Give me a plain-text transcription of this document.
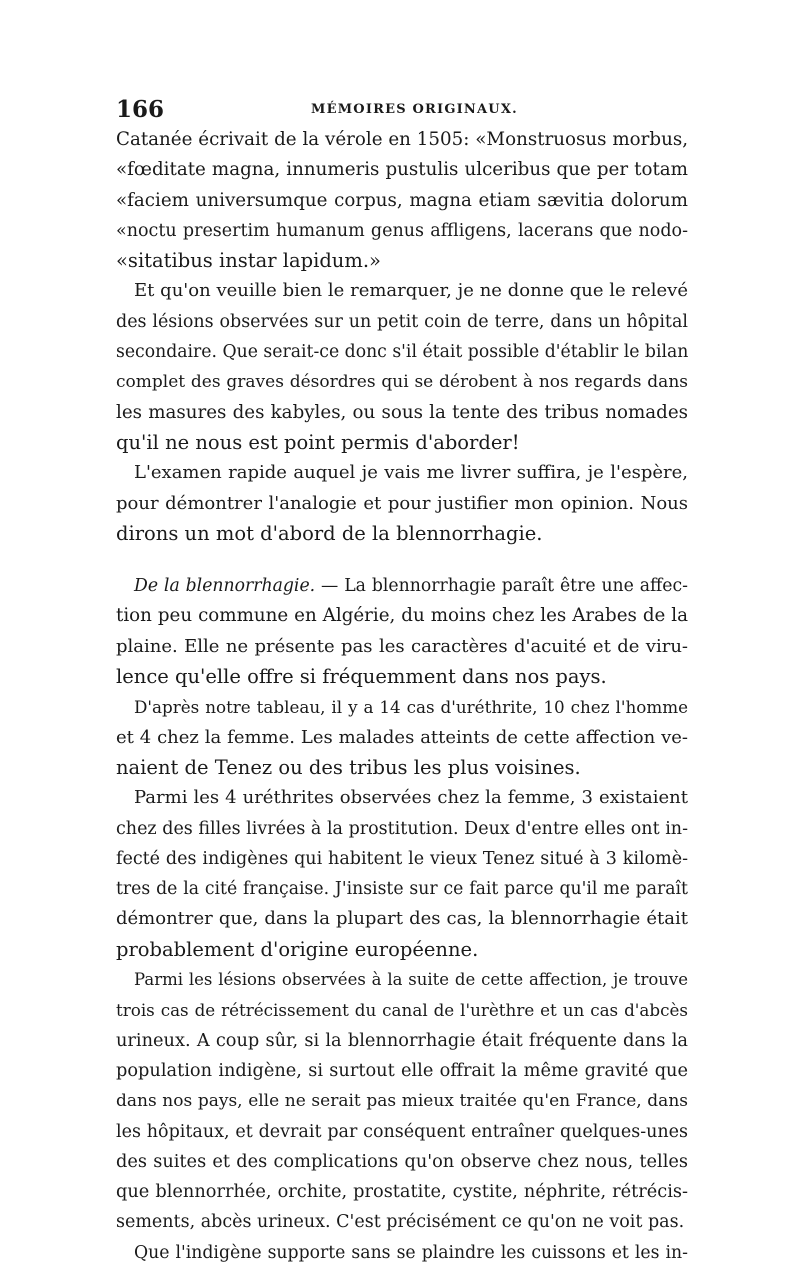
166	MÉMOIRES ORIGINAUX.
Catanée écrivait de la vérole en 1505: «Monstruosus morbus,
«fœditate magna, innumeris pustulis ulceribus que per totam
«faciem universumque corpus, magna etiam sævitia dolorum
«noctu presertim humanum genus affligens, lacerans que nodo-
«sitatibus instar lapidum.»
Et qu'on veuille bien le remarquer, je ne donne que le relevé
des lésions observées sur un petit coin de terre, dans un hôpital
secondaire. Que serait-ce donc s'il était possible d'établir le bilan
complet des graves désordres qui se dérobent à nos regards dans
les masures des kabyles, ou sous la tente des tribus nomades
qu'il ne nous est point permis d'aborder!
L'examen rapide auquel je vais me livrer suffira, je l'espère,
pour démontrer l'analogie et pour justifier mon opinion. Nous
dirons un mot d'abord de la blennorrhagie.
De la blennorrhagie. — La blennorrhagie paraît être une affec-
tion peu commune en Algérie, du moins chez les Arabes de la
plaine. Elle ne présente pas les caractères d'acuité et de viru-
lence qu'elle offre si fréquemment dans nos pays.
D'après notre tableau, il y a 14 cas d'uréthrite, 10 chez l'homme
et 4 chez la femme. Les malades atteints de cette affection ve-
naient de Tenez ou des tribus les plus voisines.
Parmi les 4 uréthrites observées chez la femme, 3 existaient
chez des filles livrées à la prostitution. Deux d'entre elles ont in-
fecté des indigènes qui habitent le vieux Tenez situé à 3 kilomè-
tres de la cité française. J'insiste sur ce fait parce qu'il me paraît
démontrer que, dans la plupart des cas, la blennorrhagie était
probablement d'origine européenne.
Parmi les lésions observées à la suite de cette affection, je trouve
trois cas de rétrécissement du canal de l'urèthre et un cas d'abcès
urineux. A coup sûr, si la blennorrhagie était fréquente dans la
population indigène, si surtout elle offrait la même gravité que
dans nos pays, elle ne serait pas mieux traitée qu'en France, dans
les hôpitaux, et devrait par conséquent entraîner quelques-unes
des suites et des complications qu'on observe chez nous, telles
que blennorrhée, orchite, prostatite, cystite, néphrite, rétrécis-
sements, abcès urineux. C'est précisément ce qu'on ne voit pas.
Que l'indigène supporte sans se plaindre les cuissons et les in-
